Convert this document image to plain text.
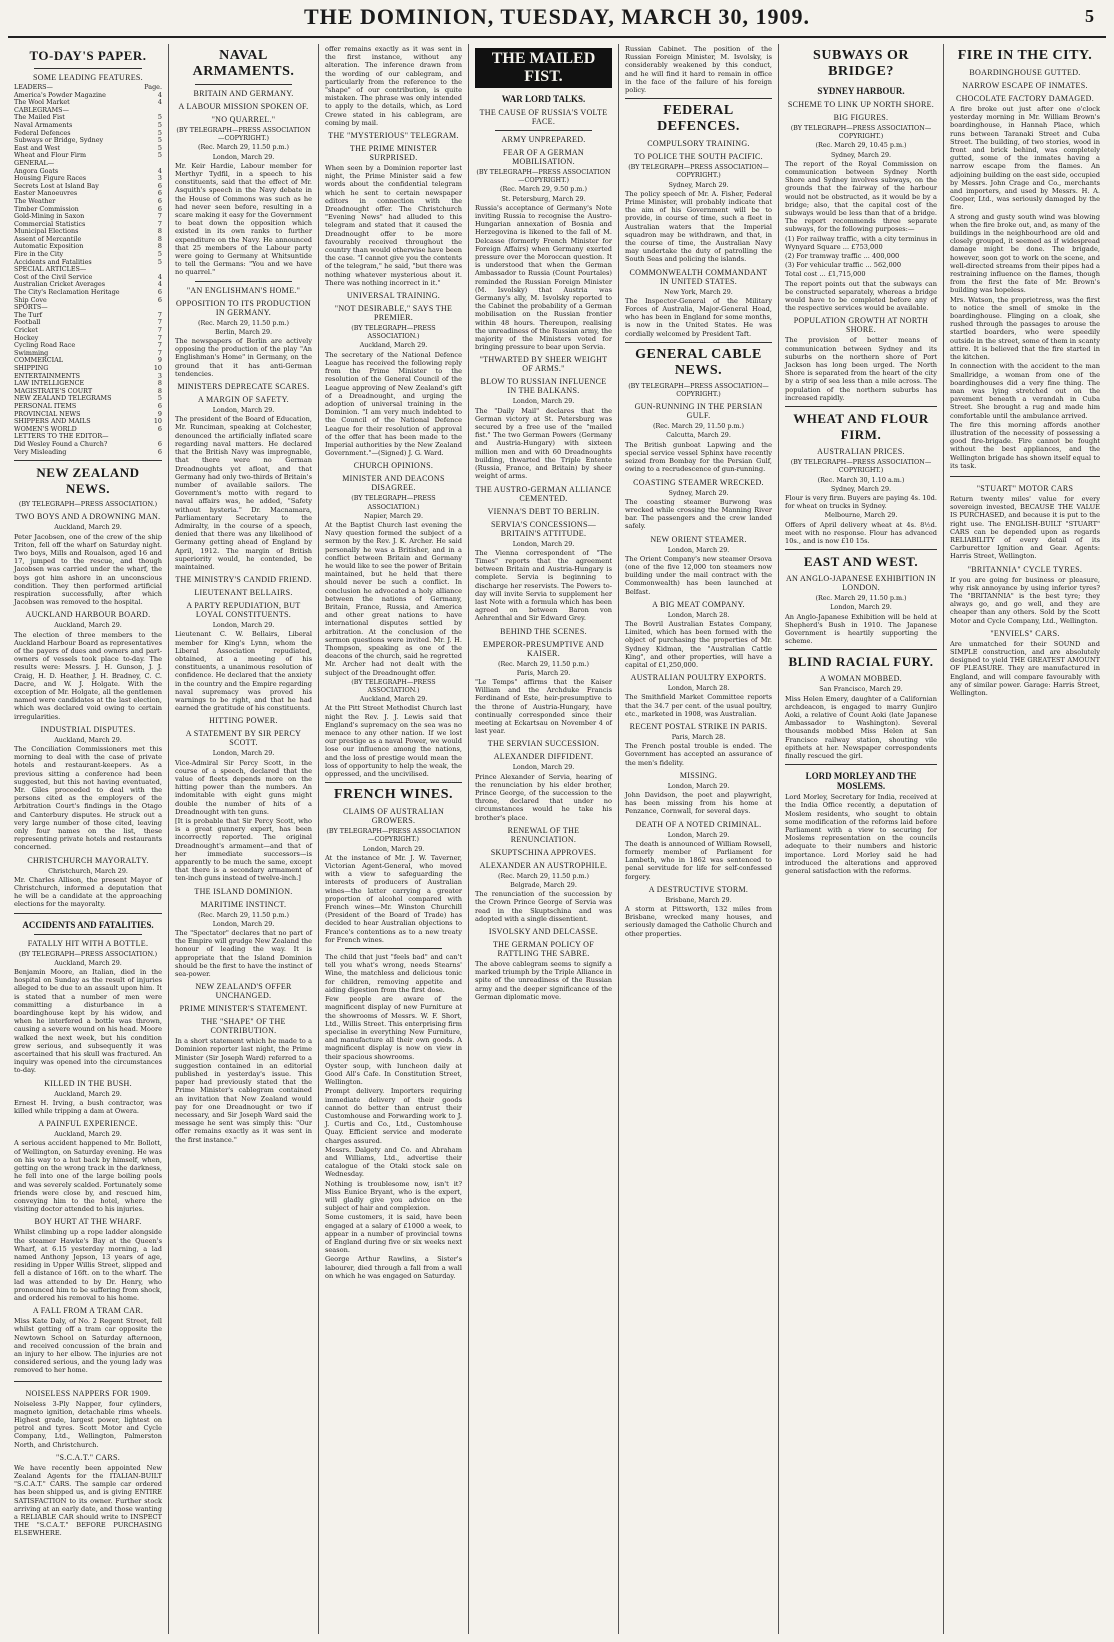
THE DOMINION, TUESDAY, MARCH 30, 1909.	5
TO-DAY'S PAPER.
SOME LEADING FEATURES.
LEADERS—	Page.
America's Powder Magazine	4
The Wool Market	4
CABLEGRAMS—
The Mailed Fist	5
Naval Armaments	5
Federal Defences	5
Subways or Bridge, Sydney	5
East and West	5
Wheat and Flour Firm	5
GENERAL—
Angora Goats	4
Housing Figure Races	3
Secrets Lost at Island Bay	6
Easter Manoeuvres	6
The Weather	6
Timber Commission	6
Gold-Mining in Saxon	7
Commercial Statistics	7
Municipal Elections	8
Assent of Mercantile	8
Automatic Exposition	8
Fire in the City	5
Accidents and Fatalities	5
SPECIAL ARTICLES—
Cost of the Civil Service	4
Australian Cricket Averages	4
The City's Reclamation Heritage	6
Ship Cove	6
SPORTS—
The Turf	7
Football	7
Cricket	7
Hockey	7
Cycling Road Race	7
Swimming	7
COMMERCIAL	9
SHIPPING	10
ENTERTAINMENTS	3
LAW INTELLIGENCE	8
MAGISTRATE'S COURT	8
NEW ZEALAND TELEGRAMS	5
PERSONAL ITEMS	6
PROVINCIAL NEWS	9
SHIPPERS AND MAILS	10
WOMEN'S WORLD	6
LETTERS TO THE EDITOR—
Did Wesley Found a Church?	6
Very Misleading	6
NEW ZEALAND NEWS.
(BY TELEGRAPH—PRESS ASSOCIATION.)
TWO BOYS AND A DROWNING MAN.
Auckland, March 29.
Peter Jacobsen, one of the crew of the ship Triton, fell off the wharf on Saturday night. Two boys, Mills and Roualson, aged 16 and 17, jumped to the rescue, and though Jacobsen was carried under the wharf, the boys got him ashore in an unconscious condition. They then performed artificial respiration successfully, after which Jacobsen was removed to the hospital.
AUCKLAND HARBOUR BOARD.
Auckland, March 29.
The election of three members to the Auckland Harbour Board as representatives of the payers of dues and owners and part-owners of vessels took place to-day. The results were: Messrs. J. H. Gunson, J. J. Craig, H. D. Heather, J. H. Bradney, C. C. Dacre, and W. J. Holgate. With the exception of Mr. Holgate, all the gentlemen named were candidates at the last election, which was declared void owing to certain irregularities.
INDUSTRIAL DISPUTES.
Auckland, March 29.
The Conciliation Commissioners met this morning to deal with the case of private hotels and restaurant-keepers. As a previous sitting a conference had been suggested, but this not having eventuated, Mr. Giles proceeded to deal with the persons cited as the employers of the Arbitration Court's findings in the Otago and Canterbury disputes. He struck out a very large number of those cited, leaving only four names on the list, these representing private hotels and restaurants concerned.
CHRISTCHURCH MAYORALTY.
Christchurch, March 29.
Mr. Charles Allison, the present Mayor of Christchurch, informed a deputation that he will be a candidate at the approaching elections for the mayoralty.
ACCIDENTS AND FATALITIES.
FATALLY HIT WITH A BOTTLE.
(BY TELEGRAPH—PRESS ASSOCIATION.)
Auckland, March 29.
Benjamin Moore, an Italian, died in the hospital on Sunday as the result of injuries alleged to be due to an assault upon him. It is stated that a number of men were committing a disturbance in a boardinghouse kept by his widow, and when he interfered a bottle was thrown, causing a severe wound on his head. Moore walked the next week, but his condition grew serious, and subsequently it was ascertained that his skull was fractured. An inquiry was opened into the circumstances to-day.
KILLED IN THE BUSH.
Auckland, March 29.
Ernest H. Irving, a bush contractor, was killed while tripping a dam at Owera.
A PAINFUL EXPERIENCE.
Auckland, March 29.
A serious accident happened to Mr. Bollott, of Wellington, on Saturday evening. He was on his way to a hut back by himself, when, getting on the wrong track in the darkness, he fell into one of the large boiling pools and was severely scalded. Fortunately some friends were close by, and rescued him, conveying him to the hotel, where the visiting doctor attended to his injuries.
BOY HURT AT THE WHARF.
Whilst climbing up a rope ladder alongside the steamer Hawke's Bay at the Queen's Wharf, at 6.15 yesterday morning, a lad named Anthony Jepson, 13 years of age, residing in Upper Willis Street, slipped and fell a distance of 16ft. on to the wharf. The lad was attended to by Dr. Henry, who pronounced him to be suffering from shock, and ordered his removal to his home.
A FALL FROM A TRAM CAR.
Miss Kate Daly, of No. 2 Regent Street, fell whilst getting off a tram car opposite the Newtown School on Saturday afternoon, and received concussion of the brain and an injury to her elbow. The injuries are not considered serious, and the young lady was removed to her home.
NOISELESS NAPPERS FOR 1909.
Noiseless 3-Ply Napper, four cylinders, magneto ignition, detachable rims wheels. Highest grade, largest power, lightest on petrol and tyres. Scott Motor and Cycle Company, Ltd., Wellington, Palmerston North, and Christchurch.
"S.C.A.T." CARS.
We have recently been appointed New Zealand Agents for the ITALIAN-BUILT "S.C.A.T." CARS. The sample car ordered has been shipped us, and is giving ENTIRE SATISFACTION to its owner. Further stock arriving at an early date, and those wanting a RELIABLE CAR should write to INSPECT THE "S.C.A.T." BEFORE PURCHASING ELSEWHERE.
NAVAL ARMAMENTS.
BRITAIN AND GERMANY.
A LABOUR MISSION SPOKEN OF.
"NO QUARREL."
(BY TELEGRAPH—PRESS ASSOCIATION—COPYRIGHT.)
(Rec. March 29, 11.50 p.m.)
London, March 29.
Mr. Keir Hardie, Labour member for Merthyr Tydfil, in a speech to his constituents, said that the effect of Mr. Asquith's speech in the Navy debate in the House of Commons was such as he had never seen before, resulting in a scare making it easy for the Government to beat down the opposition which existed in its own ranks to further expenditure on the Navy. He announced that 25 members of the Labour party were going to Germany at Whitsuntide to tell the Germans: "You and we have no quarrel."
"AN ENGLISHMAN'S HOME."
OPPOSITION TO ITS PRODUCTION IN GERMANY.
(Rec. March 29, 11.50 p.m.)
Berlin, March 29.
The newspapers of Berlin are actively opposing the production of the play "An Englishman's Home" in Germany, on the ground that it has anti-German tendencies.
MINISTERS DEPRECATE SCARES.
A MARGIN OF SAFETY.
London, March 29.
The president of the Board of Education, Mr. Runciman, speaking at Colchester, denounced the artificially inflated scare regarding naval matters. He declared that the British Navy was impregnable, that there were no German Dreadnoughts yet afloat, and that Germany had only two-thirds of Britain's number of available sailors. The Government's motto with regard to naval affairs was, he added, "Safety without hysteria." Dr. Macnamara, Parliamentary Secretary to the Admiralty, in the course of a speech, denied that there was any likelihood of Germany getting ahead of England by April, 1912. The margin of British superiority would, he contended, be maintained.
THE MINISTRY'S CANDID FRIEND.
LIEUTENANT BELLAIRS.
A PARTY REPUDIATION, BUT LOYAL CONSTITUENTS.
London, March 29.
Lieutenant C. W. Bellairs, Liberal member for King's Lynn, whom the Liberal Association repudiated, obtained, at a meeting of his constituents, a unanimous resolution of confidence. He declared that the anxiety in the country and the Empire regarding naval supremacy was proved his warnings to be right, and that he had earned the gratitude of his constituents.
HITTING POWER.
A STATEMENT BY SIR PERCY SCOTT.
London, March 29.
Vice-Admiral Sir Percy Scott, in the course of a speech, declared that the value of fleets depends more on the hitting power than the numbers. An indomitable with eight guns might double the number of hits of a Dreadnought with ten guns.
[It is probable that Sir Percy Scott, who is a great gunnery expert, has been incorrectly reported. The original Dreadnought's armament—and that of her immediate successors—is apparently to be much the same, except that there is a secondary armament of ten-inch guns instead of twelve-inch.]
THE ISLAND DOMINION.
MARITIME INSTINCT.
(Rec. March 29, 11.50 p.m.)
London, March 29.
The "Spectator" declares that no part of the Empire will grudge New Zealand the honour of leading the way. It is appropriate that the Island Dominion should be the first to have the instinct of sea-power.
NEW ZEALAND'S OFFER UNCHANGED.
PRIME MINISTER'S STATEMENT.
THE "SHAPE" OF THE CONTRIBUTION.
In a short statement which he made to a Dominion reporter last night, the Prime Minister (Sir Joseph Ward) referred to a suggestion contained in an editorial published in yesterday's issue. This paper had previously stated that the Prime Minister's cablegram contained an invitation that New Zealand would pay for one Dreadnought or two if necessary, and Sir Joseph Ward said the message he sent was simply this: "Our offer remains exactly as it was sent in the first instance."
offer remains exactly as it was sent in the first instance, without any alteration. The inference drawn from the wording of our cablegram, and particularly from the reference to the "shape" of our contribution, is quite mistaken. The phrase was only intended to apply to the details, which, as Lord Crewe stated in his cablegram, are coming by mail.
THE "MYSTERIOUS" TELEGRAM.
THE PRIME MINISTER SURPRISED.
When seen by a Dominion reporter last night, the Prime Minister said a few words about the confidential telegram which he sent to certain newspaper editors in connection with the Dreadnought offer. The Christchurch "Evening News" had alluded to this telegram and stated that it caused the Dreadnought offer to be more favourably received throughout the country than would otherwise have been the case. "I cannot give you the contents of the telegram," he said, "but there was nothing whatever mysterious about it. There was nothing incorrect in it."
UNIVERSAL TRAINING.
"NOT DESIRABLE," SAYS THE PREMIER.
(BY TELEGRAPH—PRESS ASSOCIATION.)
Auckland, March 29.
The secretary of the National Defence League has received the following reply from the Prime Minister to the resolution of the General Council of the League approving of New Zealand's gift of a Dreadnought, and urging the adoption of universal training in the Dominion. "I am very much indebted to the Council of the National Defence League for their resolution of approval of the offer that has been made to the Imperial authorities by the New Zealand Government."—(Signed) J. G. Ward.
CHURCH OPINIONS.
MINISTER AND DEACONS DISAGREE.
(BY TELEGRAPH—PRESS ASSOCIATION.)
Napier, March 29.
At the Baptist Church last evening the Navy question formed the subject of a sermon by the Rev. J. K. Archer. He said personally he was a Britisher, and in a conflict between Britain and Germany he would like to see the power of Britain maintained, but he held that there should never be such a conflict. In conclusion he advocated a holy alliance between the nations of Germany, Britain, France, Russia, and America and other great nations to have international disputes settled by arbitration. At the conclusion of the sermon questions were invited. Mr. J. H. Thompson, speaking as one of the deacons of the church, said he regretted Mr. Archer had not dealt with the subject of the Dreadnought offer.
(BY TELEGRAPH—PRESS ASSOCIATION.)
Auckland, March 29.
At the Pitt Street Methodist Church last night the Rev. J. J. Lewis said that England's supremacy on the sea was no menace to any other nation. If we lost our prestige as a naval Power, we would lose our influence among the nations, and the loss of prestige would mean the loss of opportunity to help the weak, the oppressed, and the uncivilised.
FRENCH WINES.
CLAIMS OF AUSTRALIAN GROWERS.
(BY TELEGRAPH—PRESS ASSOCIATION—COPYRIGHT.)
London, March 29.
At the instance of Mr. J. W. Taverner, Victorian Agent-General, who moved with a view to safeguarding the interests of producers of Australian wines—the latter carrying a greater proportion of alcohol compared with French wines—Mr. Winston Churchill (President of the Board of Trade) has decided to hear Australian objections to France's contentions as to a new treaty for French wines.
The child that just "feels bad" and can't tell you what's wrong, needs Stearns' Wine, the matchless and delicious tonic for children, removing appetite and aiding digestion from the first dose.
Few people are aware of the magnificent display of new Furniture at the showrooms of Messrs. W. F. Short, Ltd., Willis Street. This enterprising firm specialise in everything New Furniture, and manufacture all their own goods. A magnificent display is now on view in their spacious showrooms.
Oyster soup, with luncheon daily at Good All's Cafe. In Constitution Street, Wellington.
Prompt delivery. Importers requiring immediate delivery of their goods cannot do better than entrust their Customhouse and Forwarding work to J. J. Curtis and Co., Ltd., Customhouse Quay. Efficient service and moderate charges assured.
Messrs. Dalgety and Co. and Abraham and Williams, Ltd., advertise their catalogue of the Otaki stock sale on Wednesday.
Nothing is troublesome now, isn't it? Miss Eunice Bryant, who is the expert, will gladly give you advice on the subject of hair and complexion.
Some customers, it is said, have been engaged at a salary of £1000 a week, to appear in a number of provincial towns of England during five or six weeks next season.
George Arthur Rawlins, a Sister's labourer, died through a fall from a wall on which he was engaged on Saturday.
THE MAILED FIST.
WAR LORD TALKS.
THE CAUSE OF RUSSIA'S VOLTE FACE.
ARMY UNPREPARED.
FEAR OF A GERMAN MOBILISATION.
(BY TELEGRAPH—PRESS ASSOCIATION—COPYRIGHT.)
(Rec. March 29, 9.50 p.m.)
St. Petersburg, March 29.
Russia's acceptance of Germany's Note inviting Russia to recognise the Austro-Hungarian annexation of Bosnia and Herzegovina is likened to the fall of M. Delcasse (formerly French Minister for Foreign Affairs) when Germany exerted pressure over the Moroccan question. It is understood that when the German Ambassador to Russia (Count Pourtales) reminded the Russian Foreign Minister (M. Isvolsky) that Austria was Germany's ally, M. Isvolsky reported to the Cabinet the probability of a German mobilisation on the Russian frontier within 48 hours. Thereupon, realising the unreadiness of the Russian army, the majority of the Ministers voted for bringing pressure to bear upon Servia.
"THWARTED BY SHEER WEIGHT OF ARMS."
BLOW TO RUSSIAN INFLUENCE IN THE BALKANS.
London, March 29.
The "Daily Mail" declares that the German victory at St. Petersburg was secured by a free use of the "mailed fist." The two German Powers (Germany and Austria-Hungary) with sixteen million men and with 60 Dreadnoughts building, thwarted the Triple Entente (Russia, France, and Britain) by sheer weight of arms.
THE AUSTRO-GERMAN ALLIANCE CEMENTED.
VIENNA'S DEBT TO BERLIN.
SERVIA'S CONCESSIONS—BRITAIN'S ATTITUDE.
London, March 29.
The Vienna correspondent of "The Times" reports that the agreement between Britain and Austria-Hungary is complete. Servia is beginning to discharge her reservists. The Powers to-day will invite Servia to supplement her last Note with a formula which has been agreed on between Baron von Aehrenthal and Sir Edward Grey.
BEHIND THE SCENES.
EMPEROR-PRESUMPTIVE AND KAISER.
(Rec. March 29, 11.50 p.m.)
Paris, March 29.
"Le Temps" affirms that the Kaiser William and the Archduke Francis Ferdinand of Este, heir-presumptive to the throne of Austria-Hungary, have continually corresponded since their meeting at Eckartsau on November 4 of last year.
THE SERVIAN SUCCESSION.
ALEXANDER DIFFIDENT.
London, March 29.
Prince Alexander of Servia, hearing of the renunciation by his elder brother, Prince George, of the succession to the throne, declared that under no circumstances would he take his brother's place.
RENEWAL OF THE RENUNCIATION.
SKUPTSCHINA APPROVES.
ALEXANDER AN AUSTROPHILE.
(Rec. March 29, 11.50 p.m.)
Belgrade, March 29.
The renunciation of the succession by the Crown Prince George of Servia was read in the Skuptschina and was adopted with a single dissentient.
ISVOLSKY AND DELCASSE.
THE GERMAN POLICY OF RATTLING THE SABRE.
The above cablegram seems to signify a marked triumph by the Triple Alliance in spite of the unreadiness of the Russian army and the deeper significance of the German diplomatic move.
Russian Cabinet. The position of the Russian Foreign Minister, M. Isvolsky, is considerably weakened by this conduct, and he will find it hard to remain in office in the face of the failure of his foreign policy.
FEDERAL DEFENCES.
COMPULSORY TRAINING.
TO POLICE THE SOUTH PACIFIC.
(BY TELEGRAPH—PRESS ASSOCIATION—COPYRIGHT.)
Sydney, March 29.
The policy speech of Mr. A. Fisher, Federal Prime Minister, will probably indicate that the aim of his Government will be to provide, in course of time, such a fleet in Australian waters that the Imperial squadron may be withdrawn, and that, in the course of time, the Australian Navy may undertake the duty of patrolling the South Seas and policing the islands.
COMMONWEALTH COMMANDANT IN UNITED STATES.
New York, March 29.
The Inspector-General of the Military Forces of Australia, Major-General Hoad, who has been in England for some months, is now in the United States. He was cordially welcomed by President Taft.
GENERAL CABLE NEWS.
(BY TELEGRAPH—PRESS ASSOCIATION—COPYRIGHT.)
GUN-RUNNING IN THE PERSIAN GULF.
(Rec. March 29, 11.50 p.m.)
Calcutta, March 29.
The British gunboat Lapwing and the special service vessel Sphinx have recently seized from Bombay for the Persian Gulf, owing to a recrudescence of gun-running.
COASTING STEAMER WRECKED.
Sydney, March 29.
The coasting steamer Burwong was wrecked while crossing the Manning River bar. The passengers and the crew landed safely.
NEW ORIENT STEAMER.
London, March 29.
The Orient Company's new steamer Orsova (one of the five 12,000 ton steamers now building under the mail contract with the Commonwealth) has been launched at Belfast.
A BIG MEAT COMPANY.
London, March 28.
The Bovril Australian Estates Company, Limited, which has been formed with the object of purchasing the properties of Mr. Sydney Kidman, the "Australian Cattle King", and other properties, will have a capital of £1,250,000.
AUSTRALIAN POULTRY EXPORTS.
London, March 28.
The Smithfield Market Committee reports that the 34.7 per cent. of the usual poultry, etc., marketed in 1908, was Australian.
RECENT POSTAL STRIKE IN PARIS.
Paris, March 28.
The French postal trouble is ended. The Government has accepted an assurance of the men's fidelity.
MISSING.
London, March 29.
John Davidson, the poet and playwright, has been missing from his home at Penzance, Cornwall, for several days.
DEATH OF A NOTED CRIMINAL.
London, March 29.
The death is announced of William Rowsell, formerly member of Parliament for Lambeth, who in 1862 was sentenced to penal servitude for life for self-confessed forgery.
A DESTRUCTIVE STORM.
Brisbane, March 29.
A storm at Pittsworth, 132 miles from Brisbane, wrecked many houses, and seriously damaged the Catholic Church and other properties.
SUBWAYS OR BRIDGE?
SYDNEY HARBOUR.
SCHEME TO LINK UP NORTH SHORE.
BIG FIGURES.
(BY TELEGRAPH—PRESS ASSOCIATION—COPYRIGHT.)
(Rec. March 29, 10.45 p.m.)
Sydney, March 29.
The report of the Royal Commission on communication between Sydney North Shore and Sydney involves subways, on the grounds that the fairway of the harbour would not be obstructed, as it would be by a bridge; also, that the capital cost of the subways would be less than that of a bridge. The report recommends three separate subways, for the following purposes:—
(1) For railway traffic, with a city terminus in Wynyard Square ... £753,000
(2) For tramway traffic ... 400,000
(3) For vehicular traffic ... 562,000
Total cost ... £1,715,000
The report points out that the subways can be constructed separately, whereas a bridge would have to be completed before any of the respective services would be available.
POPULATION GROWTH AT NORTH SHORE.
The provision of better means of communication between Sydney and its suburbs on the northern shore of Port Jackson has long been urged. The North Shore is separated from the heart of the city by a strip of sea less than a mile across. The population of the northern suburbs has increased rapidly.
WHEAT AND FLOUR FIRM.
AUSTRALIAN PRICES.
(BY TELEGRAPH—PRESS ASSOCIATION—COPYRIGHT.)
(Rec. March 30, 1.10 a.m.)
Sydney, March 29.
Flour is very firm. Buyers are paying 4s. 10d. for wheat on trucks in Sydney.
Melbourne, March 29.
Offers of April delivery wheat at 4s. 8½d. meet with no response. Flour has advanced 10s., and is now £10 15s.
EAST AND WEST.
AN ANGLO-JAPANESE EXHIBITION IN LONDON.
(Rec. March 29, 11.50 p.m.)
London, March 29.
An Anglo-Japanese Exhibition will be held at Shepherd's Bush in 1910. The Japanese Government is heartily supporting the scheme.
BLIND RACIAL FURY.
A WOMAN MOBBED.
San Francisco, March 29.
Miss Helen Emery, daughter of a Californian archdeacon, is engaged to marry Gunjiro Aoki, a relative of Count Aoki (late Japanese Ambassador to Washington). Several thousands mobbed Miss Helen at San Francisco railway station, shouting vile epithets at her. Newspaper correspondents finally rescued the girl.
LORD MORLEY AND THE MOSLEMS.
Lord Morley, Secretary for India, received at the India Office recently, a deputation of Moslem residents, who sought to obtain some modification of the reforms laid before Parliament with a view to securing for Moslems representation on the councils adequate to their numbers and historic importance. Lord Morley said he had introduced the alterations and approved general satisfaction with the reforms.
FIRE IN THE CITY.
BOARDINGHOUSE GUTTED.
NARROW ESCAPE OF INMATES.
CHOCOLATE FACTORY DAMAGED.
A fire broke out just after one o'clock yesterday morning in Mr. William Brown's boardinghouse, in Hannah Place, which runs between Taranaki Street and Cuba Street. The building, of two stories, wood in front and brick behind, was completely gutted, some of the inmates having a narrow escape from the flames. An adjoining building on the east side, occupied by Messrs. John Crage and Co., merchants and importers, and used by Messrs. H. A. Cooper, Ltd., was seriously damaged by the fire.
A strong and gusty south wind was blowing when the fire broke out, and, as many of the buildings in the neighbourhood are old and closely grouped, it seemed as if widespread damage might be done. The brigade, however, soon got to work on the scene, and well-directed streams from their pipes had a restraining influence on the flames, though from the first the fate of Mr. Brown's building was hopeless.
Mrs. Watson, the proprietress, was the first to notice the smell of smoke in the boardinghouse. Flinging on a cloak, she rushed through the passages to arouse the startled boarders, who were speedily outside in the street, some of them in scanty attire. It is believed that the fire started in the kitchen.
In connection with the accident to the man Smallridge, a woman from one of the boardinghouses did a very fine thing. The man was lying stretched out on the pavement beneath a verandah in Cuba Street. She brought a rug and made him comfortable until the ambulance arrived.
The fire this morning affords another illustration of the necessity of possessing a good fire-brigade. Fire cannot be fought without the best appliances, and the Wellington brigade has shown itself equal to its task.
"STUART" MOTOR CARS
Return twenty miles' value for every sovereign invested, BECAUSE THE VALUE IS PURCHASED, and because it is put to the right use. The ENGLISH-BUILT "STUART" CARS can be depended upon as regards RELIABILITY of every detail of its Carburettor Ignition and Gear. Agents: Harris Street, Wellington.
"BRITANNIA" CYCLE TYRES.
If you are going for business or pleasure, why risk annoyance by using inferior tyres? The "BRITANNIA" is the best tyre; they always go, and go well, and they are cheaper than any others. Sold by the Scott Motor and Cycle Company, Ltd., Wellington.
"ENVIELS" CARS.
Are unmatched for their SOUND and SIMPLE construction, and are absolutely designed to yield THE GREATEST AMOUNT OF PLEASURE. They are manufactured in England, and will compare favourably with any of similar power. Garage: Harris Street, Wellington.
